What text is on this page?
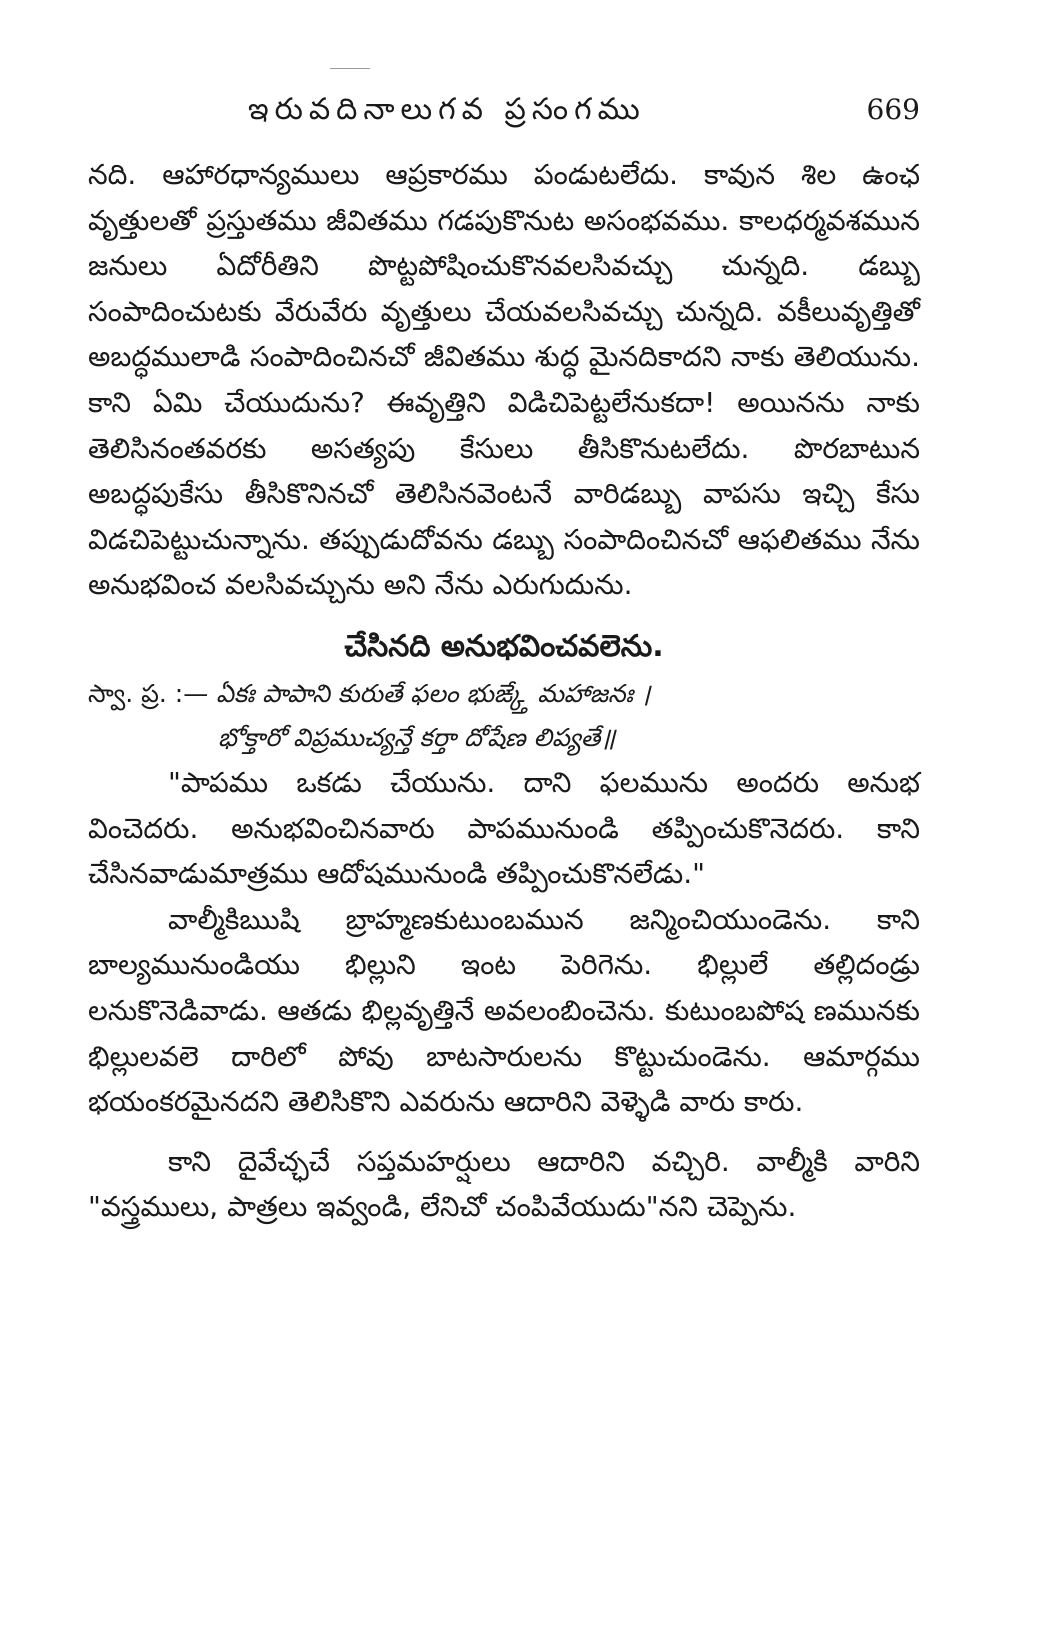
ఇరువదినాలుగవ ప్రసంగము	669

నది. ఆహారధాన్యములు ఆప్రకారము పండుటలేదు. కావున శిల ఉంఛ వృత్తులతో ప్రస్తుతము జీవితము గడపుకొనుట అసంభవము. కాలధర్మవశమున జనులు ఏదోరీతిని పొట్టపోషించుకొనవలసివచ్చు చున్నది. డబ్బు సంపాదించుటకు వేరువేరు వృత్తులు చేయవలసివచ్చు చున్నది. వకీలువృత్తితో అబద్ధములాడి సంపాదించినచో జీవితము శుద్ధ మైనదికాదని నాకు తెలియును. కాని ఏమి చేయుదును? ఈవృత్తిని విడిచిపెట్టలేనుకదా! అయినను నాకు తెలిసినంతవరకు అసత్యపు కేసులు తీసికొనుటలేదు. పొరబాటున అబద్ధపుకేసు తీసికొనినచో తెలిసినవెంటనే వారిడబ్బు వాపసు ఇచ్చి కేసు విడచిపెట్టుచున్నాను. తప్పుడుదోవను డబ్బు సంపాదించినచో ఆఫలితము నేను అనుభవించ వలసివచ్చును అని నేను ఎరుగుదును.

చేసినది అనుభవించవలెను.

స్వా. ప్ర. :— ఏకః పాపాని కురుతే ఫలం భుఙ్క్తే మహాజనః ।

భోక్తారో విప్రముచ్యన్తే కర్తా దోషేణ లిప్యతే॥

"పాపము ఒకడు చేయును. దాని ఫలమును అందరు అనుభ వించెదరు. అనుభవించినవారు పాపమునుండి తప్పించుకొనెదరు. కాని చేసినవాడుమాత్రము ఆదోషమునుండి తప్పించుకొనలేడు."

వాల్మీకిఋషి బ్రాహ్మణకుటుంబమున జన్మించియుండెను. కాని బాల్యమునుండియు భిల్లుని ఇంట పెరిగెను. భిల్లులే తల్లిదండ్రు లనుకొనెడివాడు. ఆతడు భిల్లవృత్తినే అవలంబించెను. కుటుంబపోష ణమునకు భిల్లులవలె దారిలో పోవు బాటసారులను కొట్టుచుండెను. ఆమార్గము భయంకరమైనదని తెలిసికొని ఎవరును ఆదారిని వెళ్ళెడి వారు కారు.

కాని దైవేచ్ఛచే సప్తమహర్షులు ఆదారిని వచ్చిరి. వాల్మీకి వారిని "వస్త్రములు, పాత్రలు ఇవ్వండి, లేనిచో చంపివేయుదు"నని చెప్పెను.
